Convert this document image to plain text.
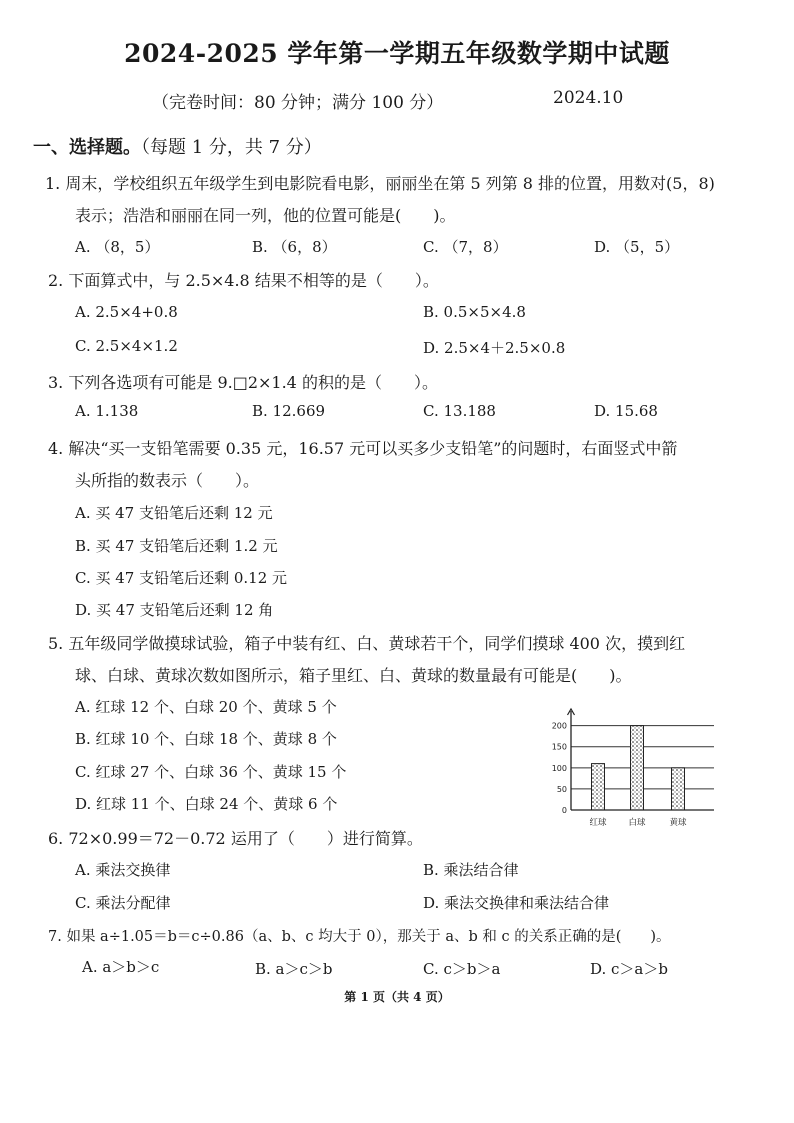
2024-2025 学年第一学期五年级数学期中试题
（完卷时间：80 分钟；满分 100 分）	2024.10
一、选择题。（每题 1 分，共 7 分）
1. 周末，学校组织五年级学生到电影院看电影，丽丽坐在第 5 列第 8 排的位置，用数对(5，8)
表示；浩浩和丽丽在同一列，他的位置可能是(　　)。
A. （8，5）	B. （6，8）	C. （7，8）	D. （5，5）
2. 下面算式中，与 2.5×4.8 结果不相等的是（　　）。
A. 2.5×4+0.8	B. 0.5×5×4.8
C. 2.5×4×1.2	D. 2.5×4＋2.5×0.8
3. 下列各选项有可能是 9.□2×1.4 的积的是（　　）。
A. 1.138	B. 12.669	C. 13.188	D. 15.68
4. 解决“买一支铅笔需要 0.35 元，16.57 元可以买多少支铅笔”的问题时，右面竖式中箭
头所指的数表示（　　）。
A. 买 47 支铅笔后还剩 12 元
B. 买 47 支铅笔后还剩 1.2 元
C. 买 47 支铅笔后还剩 0.12 元
D. 买 47 支铅笔后还剩 12 角
5. 五年级同学做摸球试验，箱子中装有红、白、黄球若干个，同学们摸球 400 次，摸到红
球、白球、黄球次数如图所示，箱子里红、白、黄球的数量最有可能是(　　)。
A. 红球 12 个、白球 20 个、黄球 5 个
B. 红球 10 个、白球 18 个、黄球 8 个
C. 红球 27 个、白球 36 个、黄球 15 个
D. 红球 11 个、白球 24 个、黄球 6 个	0
50
100
150
200
红球	白球	黄球
6. 72×0.99＝72－0.72 运用了（　　）进行简算。
A. 乘法交换律	B. 乘法结合律
C. 乘法分配律	D. 乘法交换律和乘法结合律
7. 如果 a÷1.05＝b＝c÷0.86（a、b、c 均大于 0），那关于 a、b 和 c 的关系正确的是(　　)。
A. a＞b＞c	B. a＞c＞b	C. c＞b＞a	D. c＞a＞b
第 1 页（共 4 页）
